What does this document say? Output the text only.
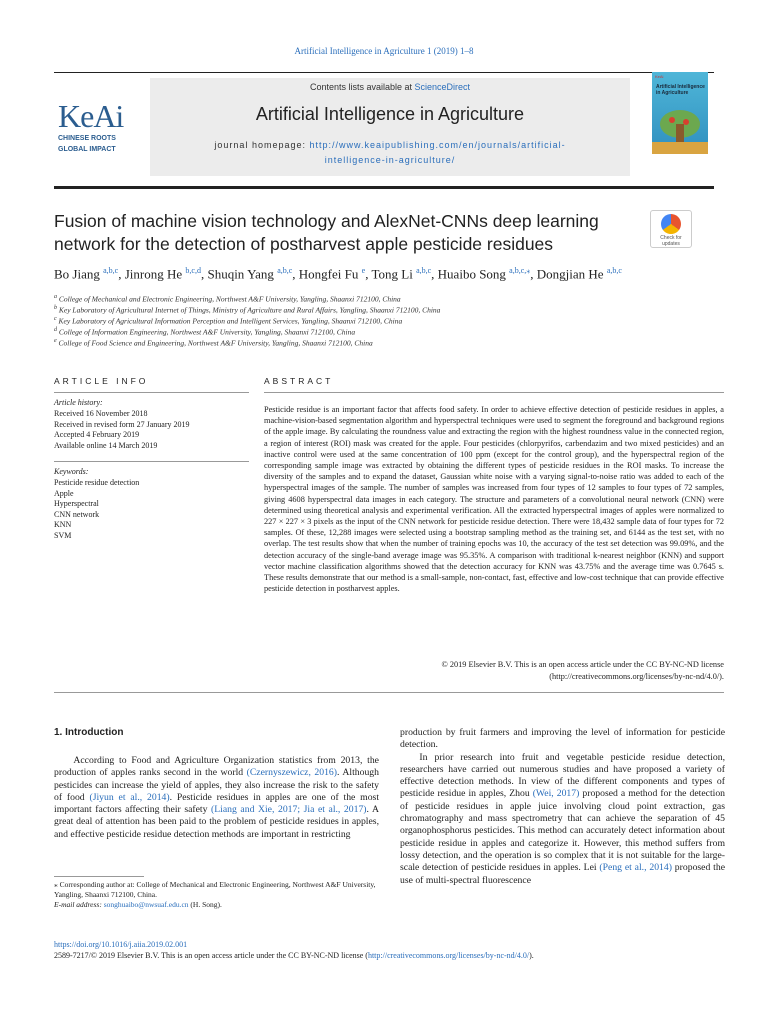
Artificial Intelligence in Agriculture 1 (2019) 1–8
KeAi
CHINESE ROOTS
GLOBAL IMPACT
Contents lists available at ScienceDirect
Artificial Intelligence in Agriculture
journal homepage: http://www.keaipublishing.com/en/journals/artificial-
intelligence-in-agriculture/
KeAi
Artificial Intelligence in Agriculture
Fusion of machine vision technology and AlexNet-CNNs deep learning network for the detection of postharvest apple pesticide residues	Check for
updates
Bo Jiang $^{a,b,c}$, Jinrong He $^{b,c,d}$, Shuqin Yang $^{a,b,c}$, Hongfei Fu $^e$, Tong Li $^{a,b,c}$, Huaibo Song $^{a,b,c,⁎}$, Dongjian He $^{a,b,c}$
$^a$ College of Mechanical and Electronic Engineering, Northwest A&F University, Yangling, Shaanxi 712100, China
$^b$ Key Laboratory of Agricultural Internet of Things, Ministry of Agriculture and Rural Affairs, Yangling, Shaanxi 712100, China
$^c$ Key Laboratory of Agricultural Information Perception and Intelligent Services, Yangling, Shaanxi 712100, China
$^d$ College of Information Engineering, Northwest A&F University, Yangling, Shaanxi 712100, China
$^e$ College of Food Science and Engineering, Northwest A&F University, Yangling, Shaanxi 712100, China
ARTICLE INFO	ABSTRACT
Article history:
Received 16 November 2018
Received in revised form 27 January 2019
Accepted 4 February 2019
Available online 14 March 2019
Keywords:
Pesticide residue detection
Apple
Hyperspectral
CNN network
KNN
SVM
Pesticide residue is an important factor that affects food safety. In order to achieve effective detection of pesticide residues in apples, a machine-vision-based segmentation algorithm and hyperspectral techniques were used to segment the foreground and background regions of the apple image. By calculating the roundness value and extracting the region with the highest roundness value in the connected region, a region of interest (ROI) mask was created for the apple. Four pesticides (chlorpyrifos, carbendazim and two mixed pesticides) and an inactive control were used at the same concentration of 100 ppm (except for the control group), and the hyperspectral region of the corresponding sample image was extracted by obtaining the different types of pesticide residues in the ROI masks. To increase the diversity of the samples and to expand the dataset, Gaussian white noise with a varying signal-to-noise ratio was added to each of the hyperspectral images of the sample. The number of samples was increased from four types of 12 samples to four types of 72 samples, giving 4608 hyperspectral data images in each category. The structure and parameters of a convolutional neural network (CNN) were determined using theoretical analysis and experimental verification. All the extracted hyperspectral images of apples were normalized to 227 × 227 × 3 pixels as the input of the CNN network for pesticide residue detection. There were 18,432 sample data of four types for 72 samples. Of these, 12,288 images were selected using a bootstrap sampling method as the training set, and 6144 as the test set, with no overlap. The test results show that when the number of training epochs was 10, the accuracy of the test set detection was 99.09%, and the detection accuracy of the single-band average image was 95.35%. A comparison with traditional k-nearest neighbor (KNN) and support vector machine classification algorithms showed that the detection accuracy for KNN was 43.75% and the average time was 0.7645 s. These results demonstrate that our method is a small-sample, non-contact, fast, effective and low-cost technique that can provide effective pesticide detection in postharvest apples.
© 2019 Elsevier B.V. This is an open access article under the CC BY-NC-ND license
(http://creativecommons.org/licenses/by-nc-nd/4.0/).
1. Introduction
  According to Food and Agriculture Organization statistics from 2013, the production of apples ranks second in the world (Czernyszewicz, 2016). Although pesticides can increase the yield of apples, they also increase the risk to the safety of food (Jiyun et al., 2014). Pesticide residues in apples are one of the most important factors affecting their safety (Liang and Xie, 2017; Jia et al., 2017). A great deal of attention has been paid to the problem of pesticide residues in apples, and effective pesticide residue detection methods are important in restricting
production by fruit farmers and improving the level of information for pesticide detection.
  In prior research into fruit and vegetable pesticide residue detection, researchers have carried out numerous studies and have proposed a variety of effective detection methods. In view of the different components and types of pesticide residue in apples, Zhou (Wei, 2017) proposed a method for the detection of pesticide residues in apple juice involving cloud point extraction, gas chromatography and mass spectrometry that can achieve the separation of 45 organophosphorus pesticides. This method can accurately detect information about pesticide residue in apples and categorize it. However, this method suffers from lossy detection, and the operation is so complex that it is not suitable for the large-scale detection of pesticide residues in apples. Lei (Peng et al., 2014) proposed the use of multi-spectral fluorescence
⁎ Corresponding author at: College of Mechanical and Electronic Engineering, Northwest A&F University, Yangling, Shaanxi 712100, China.
E-mail address: songhuaibo@nwsuaf.edu.cn (H. Song).
https://doi.org/10.1016/j.aiia.2019.02.001
2589-7217/© 2019 Elsevier B.V. This is an open access article under the CC BY-NC-ND license (http://creativecommons.org/licenses/by-nc-nd/4.0/).
